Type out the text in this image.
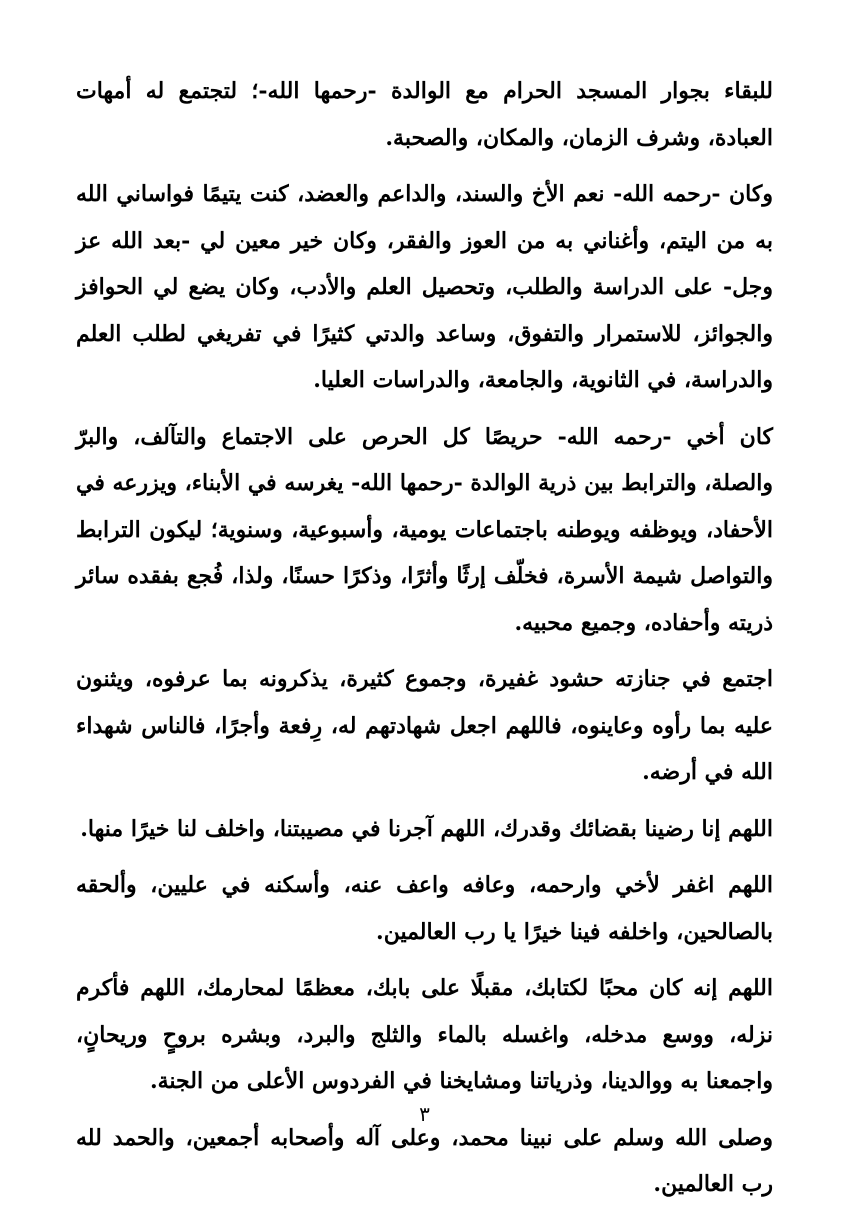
للبقاء بجوار المسجد الحرام مع الوالدة -رحمها الله-؛ لتجتمع له أمهات العبادة، وشرف الزمان، والمكان، والصحبة.

وكان -رحمه الله- نعم الأخ والسند، والداعم والعضد، كنت يتيمًا فواساني الله به من اليتم، وأغناني به من العوز والفقر، وكان خير معين لي -بعد الله عز وجل- على الدراسة والطلب، وتحصيل العلم والأدب، وكان يضع لي الحوافز والجوائز، للاستمرار والتفوق، وساعد والدتي كثيرًا في تفريغي لطلب العلم والدراسة، في الثانوية، والجامعة، والدراسات العليا.

كان أخي -رحمه الله- حريصًا كل الحرص على الاجتماع والتآلف، والبرّ والصلة، والترابط بين ذرية الوالدة -رحمها الله- يغرسه في الأبناء، ويزرعه في الأحفاد، ويوظفه ويوطنه باجتماعات يومية، وأسبوعية، وسنوية؛ ليكون الترابط والتواصل شيمة الأسرة، فخلّف إرثًا وأثرًا، وذكرًا حسنًا، ولذا، فُجع بفقده سائر ذريته وأحفاده، وجميع محبيه.

اجتمع في جنازته حشود غفيرة، وجموع كثيرة، يذكرونه بما عرفوه، ويثنون عليه بما رأوه وعاينوه، فاللهم اجعل شهادتهم له، رِفعة وأجرًا، فالناس شهداء الله في أرضه.

اللهم إنا رضينا بقضائك وقدرك، اللهم آجرنا في مصيبتنا، واخلف لنا خيرًا منها.

اللهم اغفر لأخي وارحمه، وعافه واعف عنه، وأسكنه في عليين، وألحقه بالصالحين، واخلفه فينا خيرًا يا رب العالمين.

اللهم إنه كان محبًا لكتابك، مقبلًا على بابك، معظمًا لمحارمك، اللهم فأكرم نزله، ووسع مدخله، واغسله بالماء والثلج والبرد، وبشره بروحٍ وريحانٍ، واجمعنا به ووالدينا، وذرياتنا ومشايخنا في الفردوس الأعلى من الجنة.

وصلى الله وسلم على نبينا محمد، وعلى آله وأصحابه أجمعين، والحمد لله رب العالمين.

٣
